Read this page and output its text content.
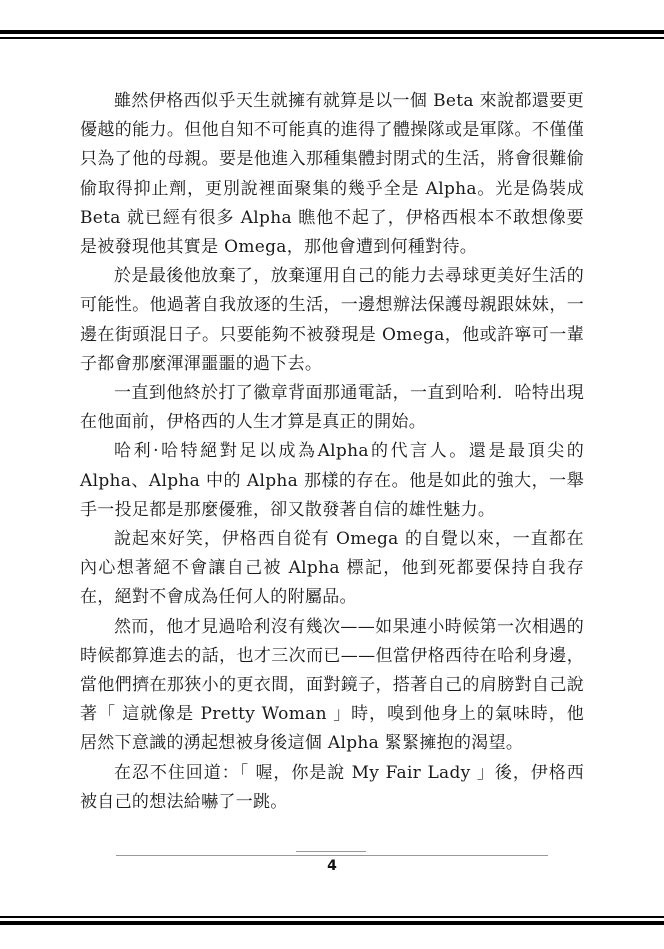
雖然伊格西似乎天生就擁有就算是以一個 Beta 來說都還要更優越的能力。但他自知不可能真的進得了體操隊或是軍隊。不僅僅只為了他的母親。要是他進入那種集體封閉式的生活，將會很難偷偷取得抑止劑，更別說裡面聚集的幾乎全是 Alpha。光是偽裝成 Beta 就已經有很多 Alpha 瞧他不起了，伊格西根本不敢想像要是被發現他其實是 Omega，那他會遭到何種對待。

於是最後他放棄了，放棄運用自己的能力去尋球更美好生活的可能性。他過著自我放逐的生活，一邊想辦法保護母親跟妹妹，一邊在街頭混日子。只要能夠不被發現是 Omega，他或許寧可一輩子都會那麼渾渾噩噩的過下去。

一直到他終於打了徽章背面那通電話，一直到哈利．哈特出現在他面前，伊格西的人生才算是真正的開始。

哈利·哈特絕對足以成為Alpha的代言人。還是最頂尖的Alpha、Alpha 中的 Alpha 那樣的存在。他是如此的強大，一舉手一投足都是那麼優雅，卻又散發著自信的雄性魅力。

說起來好笑，伊格西自從有 Omega 的自覺以來，一直都在內心想著絕不會讓自己被 Alpha 標記，他到死都要保持自我存在，絕對不會成為任何人的附屬品。

然而，他才見過哈利沒有幾次——如果連小時候第一次相遇的時候都算進去的話，也才三次而已——但當伊格西待在哈利身邊，當他們擠在那狹小的更衣間，面對鏡子，搭著自己的肩膀對自己說著「 這就像是 Pretty Woman 」時，嗅到他身上的氣味時，他居然下意識的湧起想被身後這個 Alpha 緊緊擁抱的渴望。

在忍不住回道：「 喔，你是說 My Fair Lady 」後，伊格西被自己的想法給嚇了一跳。

4
